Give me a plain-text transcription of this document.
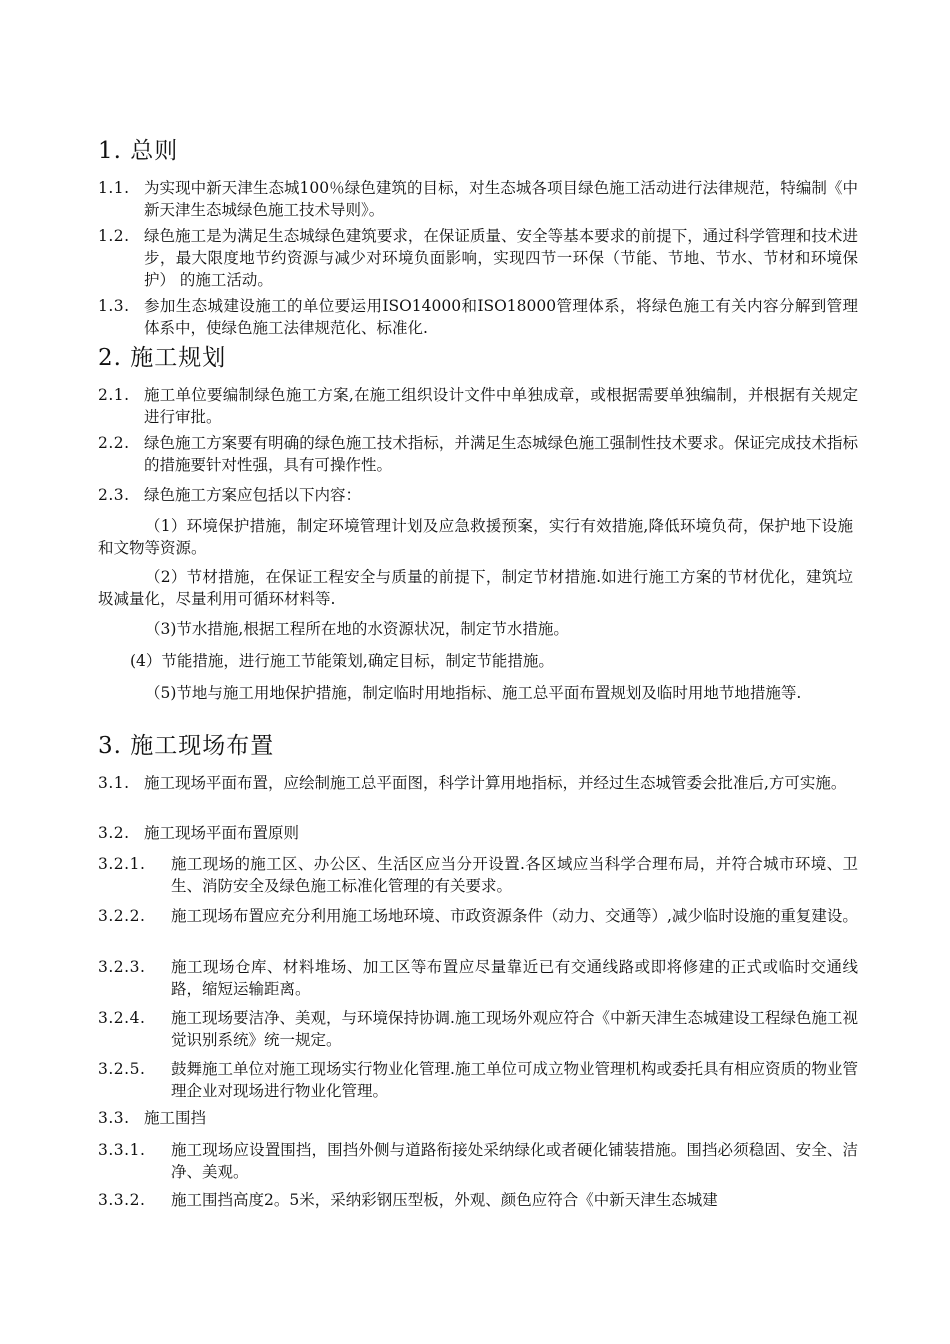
1. 总则
1.1. 为实现中新天津生态城100％绿色建筑的目标，对生态城各项目绿色施工活动进行法律规范，特编制《中新天津生态城绿色施工技术导则》。
1.2. 绿色施工是为满足生态城绿色建筑要求，在保证质量、安全等基本要求的前提下，通过科学管理和技术进步，最大限度地节约资源与减少对环境负面影响，实现四节一环保（节能、节地、节水、节材和环境保护） 的施工活动。
1.3. 参加生态城建设施工的单位要运用ISO14000和ISO18000管理体系，将绿色施工有关内容分解到管理体系中，使绿色施工法律规范化、标准化.
2. 施工规划
2.1. 施工单位要编制绿色施工方案,在施工组织设计文件中单独成章，或根据需要单独编制，并根据有关规定进行审批。
2.2. 绿色施工方案要有明确的绿色施工技术指标，并满足生态城绿色施工强制性技术要求。保证完成技术指标的措施要针对性强，具有可操作性。
2.3. 绿色施工方案应包括以下内容：
（1）环境保护措施，制定环境管理计划及应急救援预案，实行有效措施,降低环境负荷，保护地下设施和文物等资源。
（2）节材措施，在保证工程安全与质量的前提下，制定节材措施.如进行施工方案的节材优化，建筑垃圾减量化，尽量利用可循环材料等.
（3)节水措施,根据工程所在地的水资源状况，制定节水措施。
(4）节能措施，进行施工节能策划,确定目标，制定节能措施。
（5)节地与施工用地保护措施，制定临时用地指标、施工总平面布置规划及临时用地节地措施等.
3. 施工现场布置
3.1. 施工现场平面布置，应绘制施工总平面图，科学计算用地指标，并经过生态城管委会批准后,方可实施。
3.2. 施工现场平面布置原则
3.2.1.	施工现场的施工区、办公区、生活区应当分开设置.各区域应当科学合理布局，并符合城市环境、卫生、消防安全及绿色施工标准化管理的有关要求。
3.2.2.	施工现场布置应充分利用施工场地环境、市政资源条件（动力、交通等）,减少临时设施的重复建设。
3.2.3.	施工现场仓库、材料堆场、加工区等布置应尽量靠近已有交通线路或即将修建的正式或临时交通线路，缩短运输距离。
3.2.4.	施工现场要洁净、美观，与环境保持协调.施工现场外观应符合《中新天津生态城建设工程绿色施工视觉识别系统》统一规定。
3.2.5.	鼓舞施工单位对施工现场实行物业化管理.施工单位可成立物业管理机构或委托具有相应资质的物业管理企业对现场进行物业化管理。
3.3. 施工围挡
3.3.1.	施工现场应设置围挡，围挡外侧与道路衔接处采纳绿化或者硬化铺装措施。围挡必须稳固、安全、洁净、美观。
3.3.2.	施工围挡高度2。5米，采纳彩钢压型板，外观、颜色应符合《中新天津生态城建
